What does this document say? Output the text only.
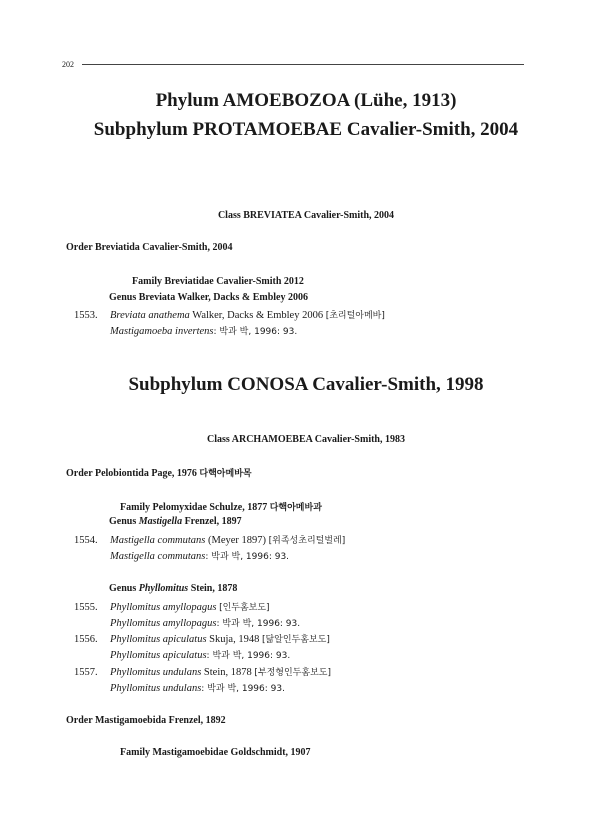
202
Phylum AMOEBOZOA (Lühe, 1913)
Subphylum PROTAMOEBAE Cavalier-Smith, 2004
Class BREVIATEA Cavalier-Smith, 2004
Order Breviatida Cavalier-Smith, 2004
Family Breviatidae Cavalier-Smith 2012
Genus Breviata Walker, Dacks & Embley 2006
1553. Breviata anathema Walker, Dacks & Embley 2006 [초리털아메바]
Mastigamoeba invertens: 박과 박, 1996: 93.
Subphylum CONOSA Cavalier-Smith, 1998
Class ARCHAMOEBEA Cavalier-Smith, 1983
Order Pelobiontida Page, 1976 다핵아메바목
Family Pelomyxidae Schulze, 1877 다핵아메바과
Genus Mastigella Frenzel, 1897
1554. Mastigella commutans (Meyer 1897) [위족성초리털벌레]
Mastigella commutans: 박과 박, 1996: 93.
Genus Phyllomitus Stein, 1878
1555. Phyllomitus amyllopagus [인두홈보도]
Phyllomitus amyllopagus: 박과 박, 1996: 93.
1556. Phyllomitus apiculatus Skuja, 1948 [닮알인두홈보도]
Phyllomitus apiculatus: 박과 박, 1996: 93.
1557. Phyllomitus undulans Stein, 1878 [부정형인두홈보도]
Phyllomitus undulans: 박과 박, 1996: 93.
Order Mastigamoebida Frenzel, 1892
Family Mastigamoebidae Goldschmidt, 1907
